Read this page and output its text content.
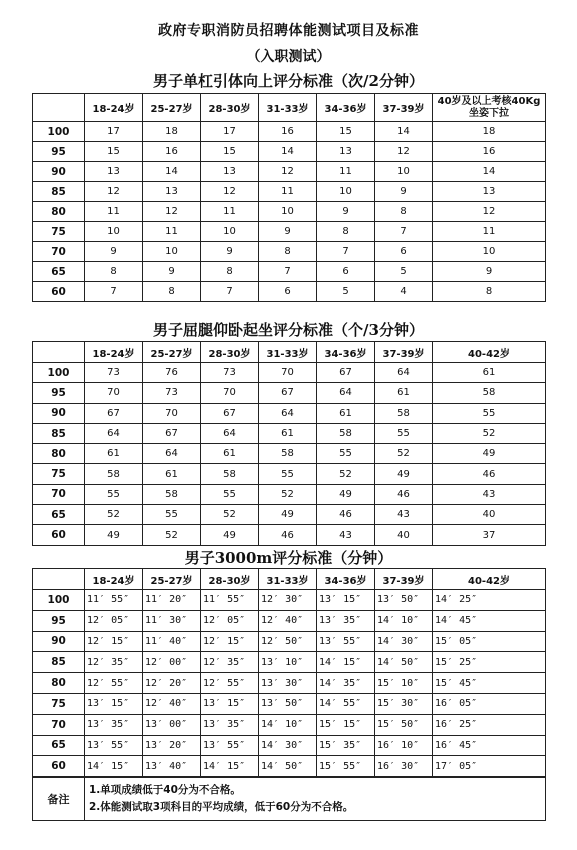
政府专职消防员招聘体能测试项目及标准
（入职测试）
男子单杠引体向上评分标准（次/2分钟）
	18-24岁	25-27岁	28-30岁	31-33岁	34-36岁	37-39岁	40岁及以上考核40Kg坐姿下拉
100	17	18	17	16	15	14	18
95	15	16	15	14	13	12	16
90	13	14	13	12	11	10	14
85	12	13	12	11	10	9	13
80	11	12	11	10	9	8	12
75	10	11	10	9	8	7	11
70	9	10	9	8	7	6	10
65	8	9	8	7	6	5	9
60	7	8	7	6	5	4	8
男子屈腿仰卧起坐评分标准（个/3分钟）
	18-24岁	25-27岁	28-30岁	31-33岁	34-36岁	37-39岁	40-42岁
100	73	76	73	70	67	64	61
95	70	73	70	67	64	61	58
90	67	70	67	64	61	58	55
85	64	67	64	61	58	55	52
80	61	64	61	58	55	52	49
75	58	61	58	55	52	49	46
70	55	58	55	52	49	46	43
65	52	55	52	49	46	43	40
60	49	52	49	46	43	40	37
男子3000m评分标准（分钟）
	18-24岁	25-27岁	28-30岁	31-33岁	34-36岁	37-39岁	40-42岁
100	11′ 55″	11′ 20″	11′ 55″	12′ 30″	13′ 15″	13′ 50″	14′ 25″
95	12′ 05″	11′ 30″	12′ 05″	12′ 40″	13′ 35″	14′ 10″	14′ 45″
90	12′ 15″	11′ 40″	12′ 15″	12′ 50″	13′ 55″	14′ 30″	15′ 05″
85	12′ 35″	12′ 00″	12′ 35″	13′ 10″	14′ 15″	14′ 50″	15′ 25″
80	12′ 55″	12′ 20″	12′ 55″	13′ 30″	14′ 35″	15′ 10″	15′ 45″
75	13′ 15″	12′ 40″	13′ 15″	13′ 50″	14′ 55″	15′ 30″	16′ 05″
70	13′ 35″	13′ 00″	13′ 35″	14′ 10″	15′ 15″	15′ 50″	16′ 25″
65	13′ 55″	13′ 20″	13′ 55″	14′ 30″	15′ 35″	16′ 10″	16′ 45″
60	14′ 15″	13′ 40″	14′ 15″	14′ 50″	15′ 55″	16′ 30″	17′ 05″
备注	
1.单项成绩低于40分为不合格。
2.体能测试取3项科目的平均成绩，低于60分为不合格。
